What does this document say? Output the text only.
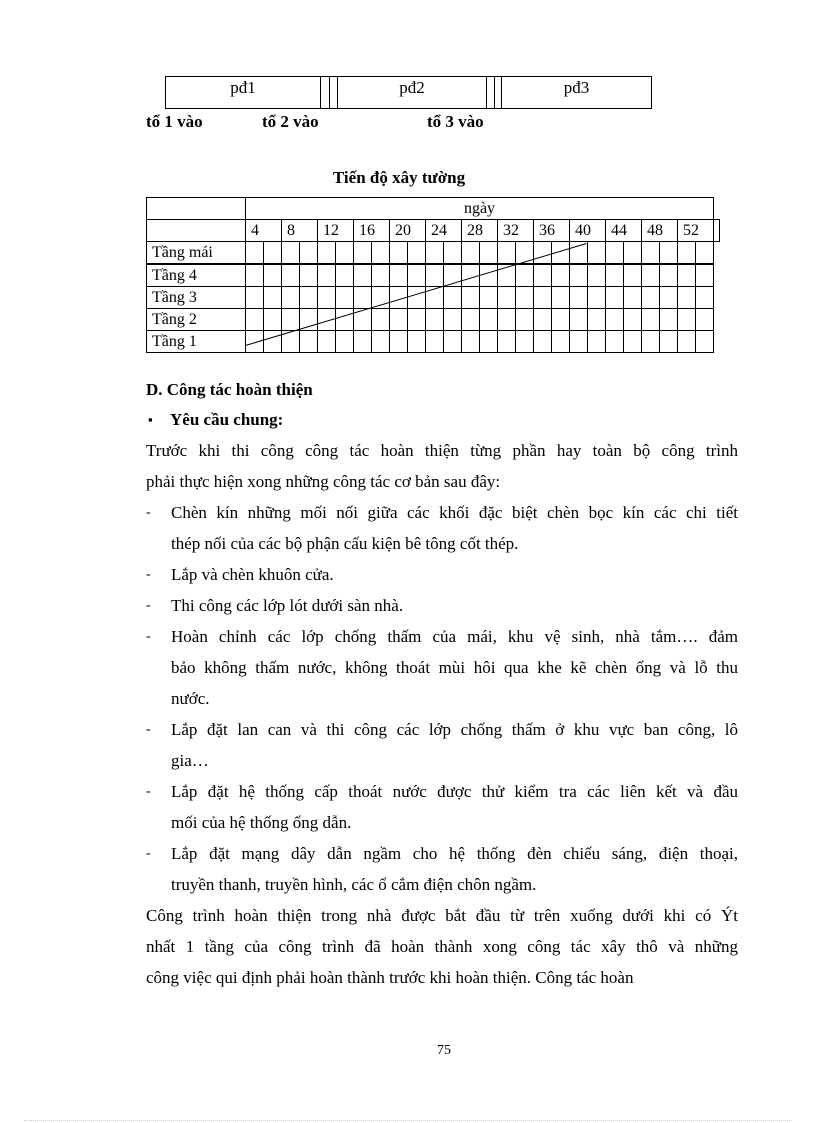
pđ1	pđ2	pđ3
tổ 1 vào	tổ 2 vào	tổ 3 vào
Tiến độ xây tường
	ngày																										
	4		8		12		16		20		24		28		32		36		40		44		48		52		
Tầng mái																											
Tầng 4																											
Tầng 3																											
Tầng 2																											
Tầng 1																											
D. Công tác hoàn thiện
▪ Yêu cầu chung:
Trước khi thi công công tác hoàn thiện từng phần hay toàn bộ công trình
phải thực hiện xong những công tác cơ bản sau đây:
- Chèn kín những mối nối giữa các khối đặc biệt chèn bọc kín các chi tiết
thép nối của các bộ phận cấu kiện bê tông cốt thép.
- Lắp và chèn khuôn cửa.
- Thi công các lớp lót dưới sàn nhà.
- Hoàn chỉnh các lớp chống thấm của mái, khu vệ sinh, nhà tắm…. đảm
bảo không thấm nước, không thoát mùi hôi qua khe kẽ chèn ống và lỗ thu
nước.
- Lắp đặt lan can và thi công các lớp chống thấm ở khu vực ban công, lô
gia…
- Lắp đặt hệ thống cấp thoát nước được thử kiểm tra các liên kết và đầu
mối của hệ thống ống dẫn.
- Lắp đặt mạng dây dẫn ngầm cho hệ thống đèn chiếu sáng, điện thoại,
truyền thanh, truyền hình, các ổ cắm điện chôn ngầm.
Công trình hoàn thiện trong nhà được bắt đầu từ trên xuống dưới khi có Ýt
nhất 1 tầng của công trình đã hoàn thành xong công tác xây thô và những
công việc qui định phải hoàn thành trước khi hoàn thiện. Công tác hoàn
75
